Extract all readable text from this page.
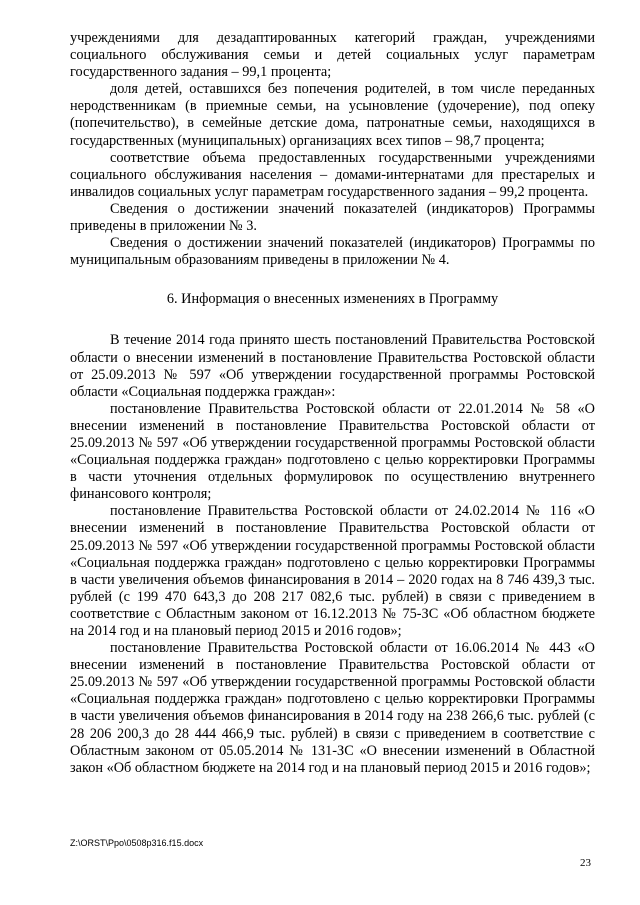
учреждениями для дезадаптированных категорий граждан, учреждениями социального обслуживания семьи и детей социальных услуг параметрам государственного задания – 99,1 процента;

доля детей, оставшихся без попечения родителей, в том числе переданных неродственникам (в приемные семьи, на усыновление (удочерение), под опеку (попечительство), в семейные детские дома, патронатные семьи, находящихся в государственных (муниципальных) организациях всех типов – 98,7 процента;

соответствие объема предоставленных государственными учреждениями социального обслуживания населения – домами-интернатами для престарелых и инвалидов социальных услуг параметрам государственного задания – 99,2 процента.

Сведения о достижении значений показателей (индикаторов) Программы приведены в приложении № 3.

Сведения о достижении значений показателей (индикаторов) Программы по муниципальным образованиям приведены в приложении № 4.

6. Информация о внесенных изменениях в Программу

В течение 2014 года принято шесть постановлений Правительства Ростовской области о внесении изменений в постановление Правительства Ростовской области от 25.09.2013 № 597 «Об утверждении государственной программы Ростовской области «Социальная поддержка граждан»:

постановление Правительства Ростовской области от 22.01.2014 № 58 «О внесении изменений в постановление Правительства Ростовской области от 25.09.2013 № 597 «Об утверждении государственной программы Ростовской области «Социальная поддержка граждан» подготовлено с целью корректировки Программы в части уточнения отдельных формулировок по осуществлению внутреннего финансового контроля;

постановление Правительства Ростовской области от 24.02.2014 № 116 «О внесении изменений в постановление Правительства Ростовской области от 25.09.2013 № 597 «Об утверждении государственной программы Ростовской области «Социальная поддержка граждан» подготовлено с целью корректировки Программы в части увеличения объемов финансирования в 2014 – 2020 годах на 8 746 439,3 тыс. рублей (с 199 470 643,3 до 208 217 082,6 тыс. рублей) в связи с приведением в соответствие с Областным законом от 16.12.2013 № 75-ЗС «Об областном бюджете на 2014 год и на плановый период 2015 и 2016 годов»;

постановление Правительства Ростовской области от 16.06.2014 № 443 «О внесении изменений в постановление Правительства Ростовской области от 25.09.2013 № 597 «Об утверждении государственной программы Ростовской области «Социальная поддержка граждан» подготовлено с целью корректировки Программы в части увеличения объемов финансирования в 2014 году на 238 266,6 тыс. рублей (с 28 206 200,3 до 28 444 466,9 тыс. рублей) в связи с приведением в соответствие с Областным законом от 05.05.2014 № 131-ЗС «О внесении изменений в Областной закон «Об областном бюджете на 2014 год и на плановый период 2015 и 2016 годов»;

Z:\ORST\Ppo\0508p316.f15.docx
23
